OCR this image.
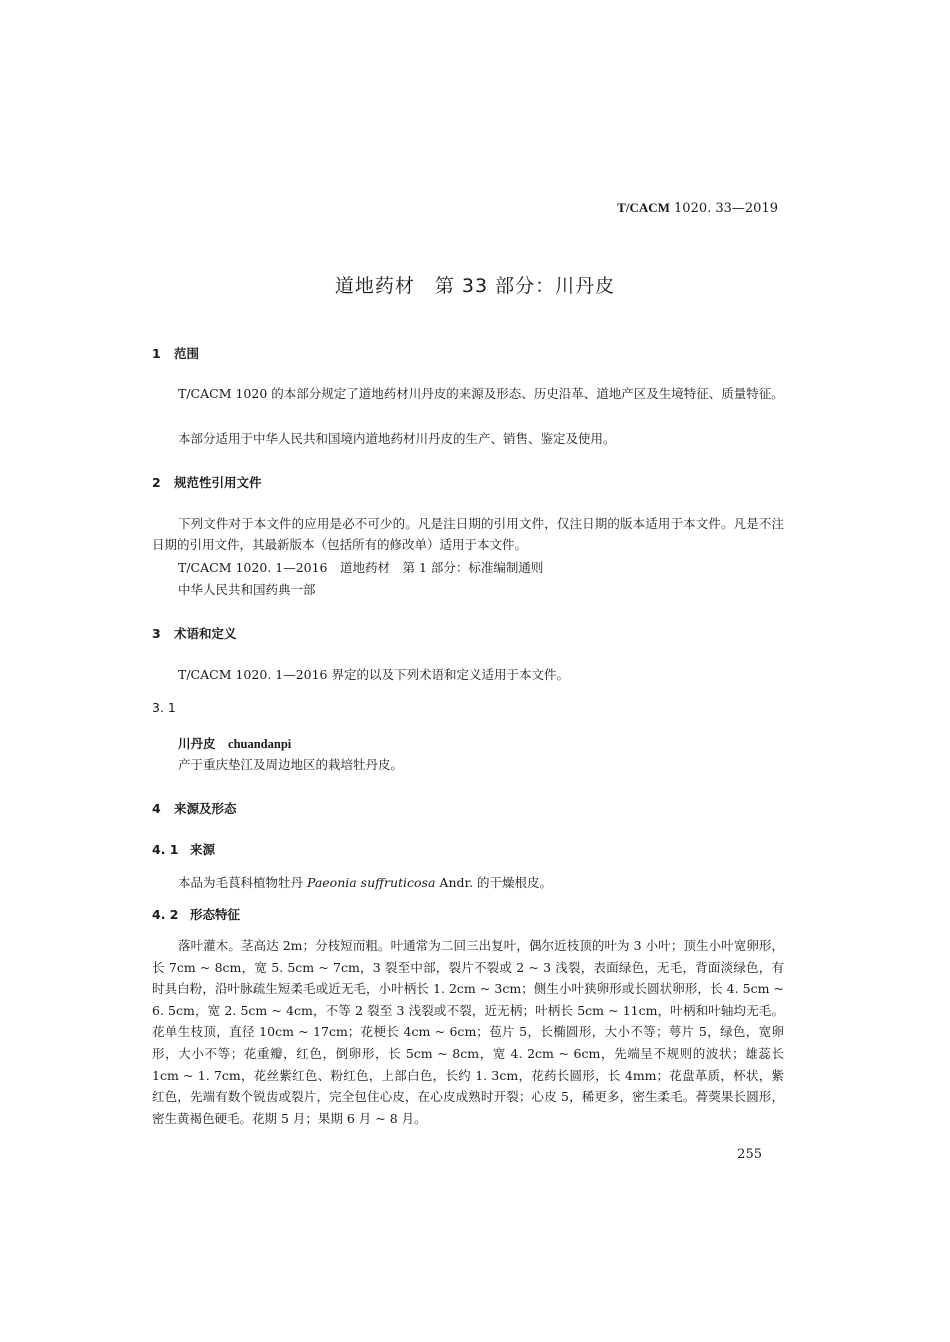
T/CACM 1020. 33—2019
道地药材　第 33 部分：川丹皮
1 范围
T/CACM 1020 的本部分规定了道地药材川丹皮的来源及形态、历史沿革、道地产区及生境特征、质量特征。
本部分适用于中华人民共和国境内道地药材川丹皮的生产、销售、鉴定及使用。
2 规范性引用文件
下列文件对于本文件的应用是必不可少的。凡是注日期的引用文件，仅注日期的版本适用于本文件。凡是不注日期的引用文件，其最新版本（包括所有的修改单）适用于本文件。
T/CACM 1020. 1—2016　道地药材　第 1 部分：标准编制通则
中华人民共和国药典一部
3 术语和定义
T/CACM 1020. 1—2016 界定的以及下列术语和定义适用于本文件。
3. 1
川丹皮　 chuandanpi
产于重庆垫江及周边地区的栽培牡丹皮。
4 来源及形态
4. 1 来源
本品为毛茛科植物牡丹 Paeonia suffruticosa Andr. 的干燥根皮。
4. 2 形态特征
落叶灌木。茎高达 2m；分枝短而粗。叶通常为二回三出复叶，偶尔近枝顶的叶为 3 小叶；顶生小叶宽卵形，长 7cm ~ 8cm，宽 5. 5cm ~ 7cm，3 裂至中部，裂片不裂或 2 ~ 3 浅裂，表面绿色，无毛，背面淡绿色，有时具白粉，沿叶脉疏生短柔毛或近无毛，小叶柄长 1. 2cm ~ 3cm；侧生小叶狭卵形或长圆状卵形，长 4. 5cm ~ 6. 5cm，宽 2. 5cm ~ 4cm，不等 2 裂至 3 浅裂或不裂，近无柄；叶柄长 5cm ~ 11cm，叶柄和叶轴均无毛。花单生枝顶，直径 10cm ~ 17cm；花梗长 4cm ~ 6cm；苞片 5，长椭圆形，大小不等；萼片 5，绿色，宽卵形，大小不等；花重瓣，红色，倒卵形，长 5cm ~ 8cm，宽 4. 2cm ~ 6cm，先端呈不规则的波状；雄蕊长 1cm ~ 1. 7cm，花丝紫红色、粉红色，上部白色，长约 1. 3cm，花药长圆形，长 4mm；花盘革质，杯状，紫红色，先端有数个锐齿或裂片，完全包住心皮，在心皮成熟时开裂；心皮 5，稀更多，密生柔毛。蓇葖果长圆形，密生黄褐色硬毛。花期 5 月；果期 6 月 ~ 8 月。
255
